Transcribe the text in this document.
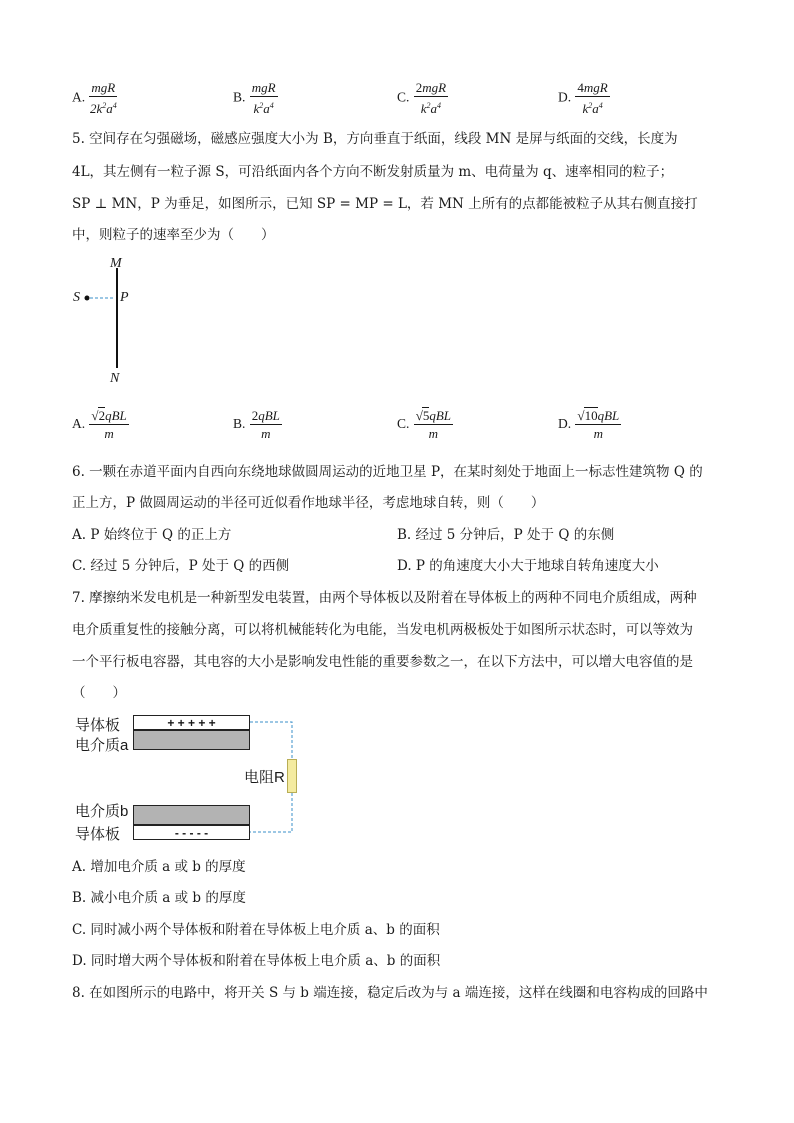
A. $\frac{\text{mgR}}{2k^2a^4}$	B. $\frac{\text{mgR}}{k^2a^4}$	C. $\frac{\text{2mgR}}{k^2a^4}$	D. $\frac{\text{4mgR}}{k^2a^4}$
5. 空间存在匀强磁场，磁感应强度大小为 B，方向垂直于纸面，线段 MN 是屏与纸面的交线，长度为
4L，其左侧有一粒子源 S，可沿纸面内各个方向不断发射质量为 m、电荷量为 q、速率相同的粒子；
SP ⊥ MN，P 为垂足，如图所示，已知 SP = MP = L，若 MN 上所有的点都能被粒子从其右侧直接打
中，则粒子的速率至少为（　　）
M
S	P
N
A. $\frac{\text{√2qBL}}{m}$	B. $\frac{\text{2qBL}}{m}$	C. $\frac{\text{√5qBL}}{m}$	D. $\frac{\text{√10qBL}}{m}$
6. 一颗在赤道平面内自西向东绕地球做圆周运动的近地卫星 P，在某时刻处于地面上一标志性建筑物 Q 的
正上方，P 做圆周运动的半径可近似看作地球半径，考虑地球自转，则（　　）
A. P 始终位于 Q 的正上方	B. 经过 5 分钟后，P 处于 Q 的东侧
C. 经过 5 分钟后，P 处于 Q 的西侧	D. P 的角速度大小大于地球自转角速度大小
7. 摩擦纳米发电机是一种新型发电装置，由两个导体板以及附着在导体板上的两种不同电介质组成，两种
电介质重复性的接触分离，可以将机械能转化为电能，当发电机两极板处于如图所示状态时，可以等效为
一个平行板电容器，其电容的大小是影响发电性能的重要参数之一，在以下方法中，可以增大电容值的是
（　　）
导体板
电介质a
+ + + + +
电阻R
电介质b
导体板	- - - - -
A. 增加电介质 a 或 b 的厚度
B. 减小电介质 a 或 b 的厚度
C. 同时减小两个导体板和附着在导体板上电介质 a、b 的面积
D. 同时增大两个导体板和附着在导体板上电介质 a、b 的面积
8. 在如图所示的电路中，将开关 S 与 b 端连接，稳定后改为与 a 端连接，这样在线圈和电容构成的回路中
